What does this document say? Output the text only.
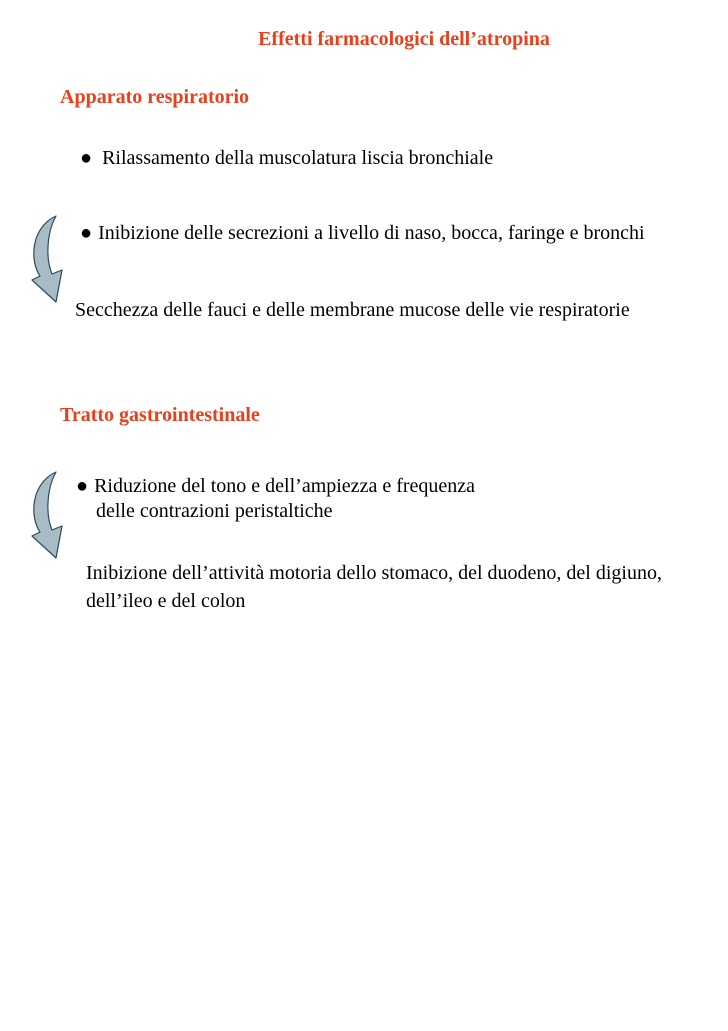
Effetti farmacologici dell’atropina
Apparato respiratorio
● Rilassamento della muscolatura liscia bronchiale
● Inibizione delle secrezioni a livello di naso, bocca, faringe e bronchi
Secchezza delle fauci e delle membrane mucose delle vie respiratorie
Tratto gastrointestinale
● Riduzione del tono e dell’ampiezza e frequenza
delle contrazioni peristaltiche
Inibizione dell’attività motoria dello stomaco, del duodeno, del digiuno,
dell’ileo e del colon
